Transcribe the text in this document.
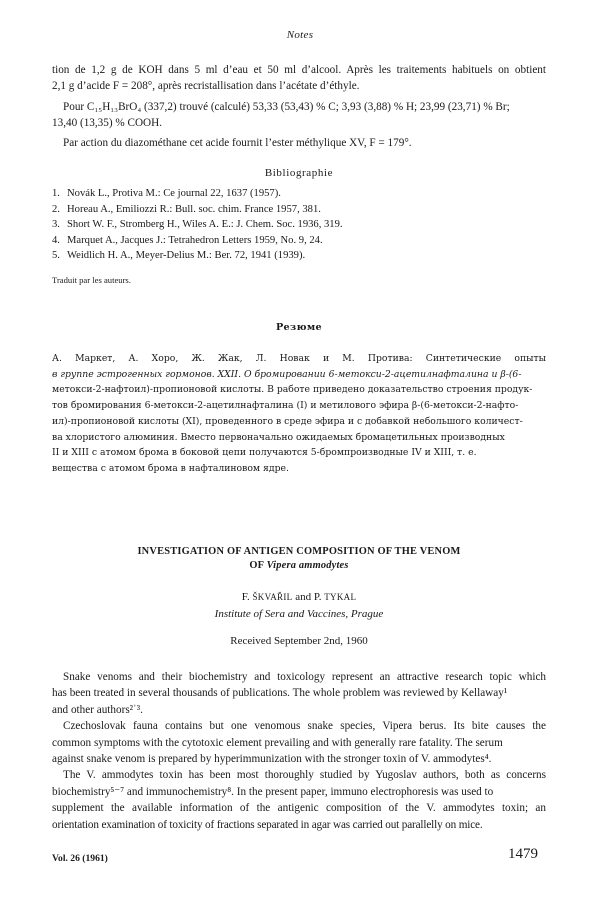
Notes

tion de 1,2 g de KOH dans 5 ml d’eau et 50 ml d’alcool. Après les traitements habituels on obtient

2,1 g d’acide F = 208°, après recristallisation dans l’acétate d’éthyle.

Pour C₁₅H₁₃BrO₄ (337,2) trouvé (calculé) 53,33 (53,43) % C; 3,93 (3,88) % H; 23,99 (23,71) % Br;

13,40 (13,35) % COOH.

Par action du diazométhane cet acide fournit l’ester méthylique XV, F = 179°.

Bibliographie
1. Novák L., Protiva M.: Ce journal 22, 1637 (1957).
2. Horeau A., Emiliozzi R.: Bull. soc. chim. France 1957, 381.
3. Short W. F., Stromberg H., Wiles A. E.: J. Chem. Soc. 1936, 319.
4. Marquet A., Jacques J.: Tetrahedron Letters 1959, No. 9, 24.
5. Weidlich H. A., Meyer-Delius M.: Ber. 72, 1941 (1939).
Traduit par les auteurs.
Резюме

А. Маркет, А. Хоро, Ж. Жак, Л. Новак и М. Протива: Синтетические опыты

в группе эстрогенных гормонов. XXII. О бромировании 6-метокси-2-ацетилнафталина и β-(6-

метокси-2-нафтоил)-пропионовой кислоты. В работе приведено доказательство строения продук-

тов бромирования 6-метокси-2-ацетилнафталина (I) и метилового эфира β-(6-метокси-2-нафто-

ил)-пропионовой кислоты (XI), проведенного в среде эфира и с добавкой небольшого количест-

ва хлористого алюминия. Вместо первоначально ожидаемых бромацетильных производных

II и XIII с атомом брома в боковой цепи получаются 5-бромпроизводные IV и XIII, т. е.

вещества с атомом брома в нафталиновом ядре.

INVESTIGATION OF ANTIGEN COMPOSITION OF THE VENOM
OF Vipera ammodytes
F. ŠKVAŘIL and P. TYKAL
Institute of Sera and Vaccines, Prague
Received September 2nd, 1960

Snake venoms and their biochemistry and toxicology represent an attractive research topic which

has been treated in several thousands of publications. The whole problem was reviewed by Kellaway¹

and other authors²ˈ³.

Czechoslovak fauna contains but one venomous snake species, Vipera berus. Its bite causes the

common symptoms with the cytotoxic element prevailing and with generally rare fatality. The serum

against snake venom is prepared by hyperimmunization with the stronger toxin of V. ammodytes⁴.

The V. ammodytes toxin has been most thoroughly studied by Yugoslav authors, both as concerns

biochemistry⁵⁻⁷ and immunochemistry⁸. In the present paper, immuno electrophoresis was used to

supplement the available information of the antigenic composition of the V. ammodytes toxin; an

orientation examination of toxicity of fractions separated in agar was carried out parallelly on mice.

Vol. 26 (1961)	1479
